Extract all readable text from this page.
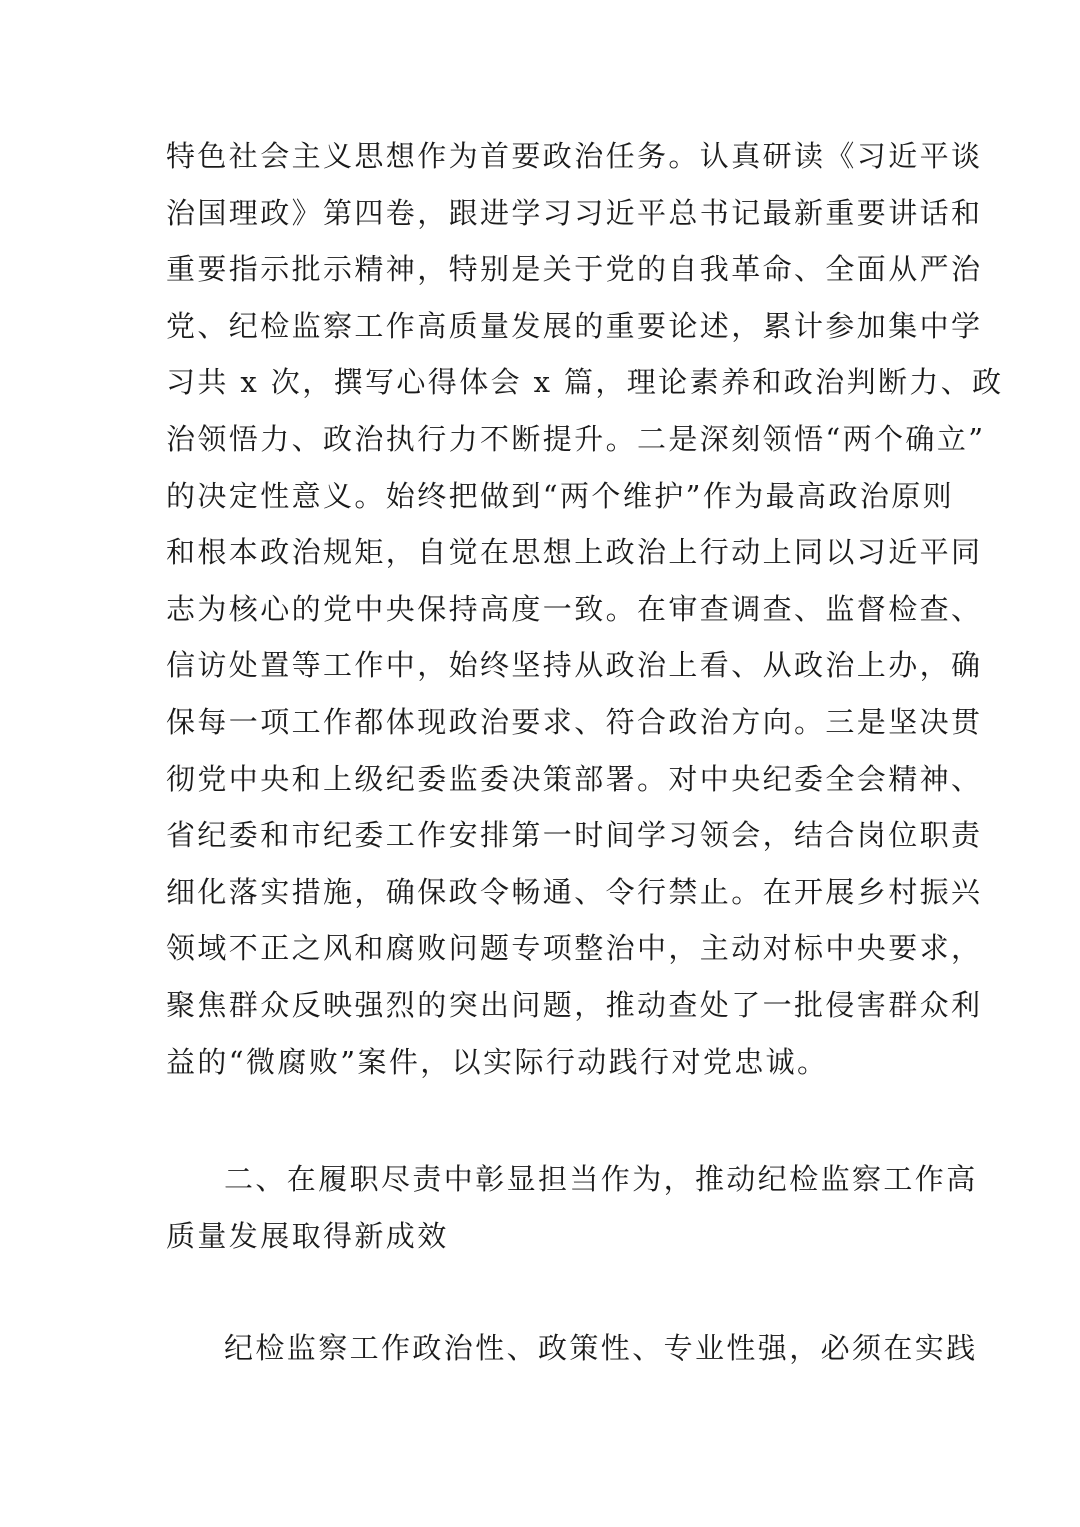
特色社会主义思想作为首要政治任务。认真研读《习近平谈
治国理政》第四卷，跟进学习习近平总书记最新重要讲话和
重要指示批示精神，特别是关于党的自我革命、全面从严治
党、纪检监察工作高质量发展的重要论述，累计参加集中学
习共 x 次，撰写心得体会 x 篇，理论素养和政治判断力、政
治领悟力、政治执行力不断提升。二是深刻领悟“两个确立”
的决定性意义。始终把做到“两个维护”作为最高政治原则
和根本政治规矩，自觉在思想上政治上行动上同以习近平同
志为核心的党中央保持高度一致。在审查调查、监督检查、
信访处置等工作中，始终坚持从政治上看、从政治上办，确
保每一项工作都体现政治要求、符合政治方向。三是坚决贯
彻党中央和上级纪委监委决策部署。对中央纪委全会精神、
省纪委和市纪委工作安排第一时间学习领会，结合岗位职责
细化落实措施，确保政令畅通、令行禁止。在开展乡村振兴
领域不正之风和腐败问题专项整治中，主动对标中央要求，
聚焦群众反映强烈的突出问题，推动查处了一批侵害群众利
益的“微腐败”案件，以实际行动践行对党忠诚。
二、在履职尽责中彰显担当作为，推动纪检监察工作高
质量发展取得新成效
纪检监察工作政治性、政策性、专业性强，必须在实践
